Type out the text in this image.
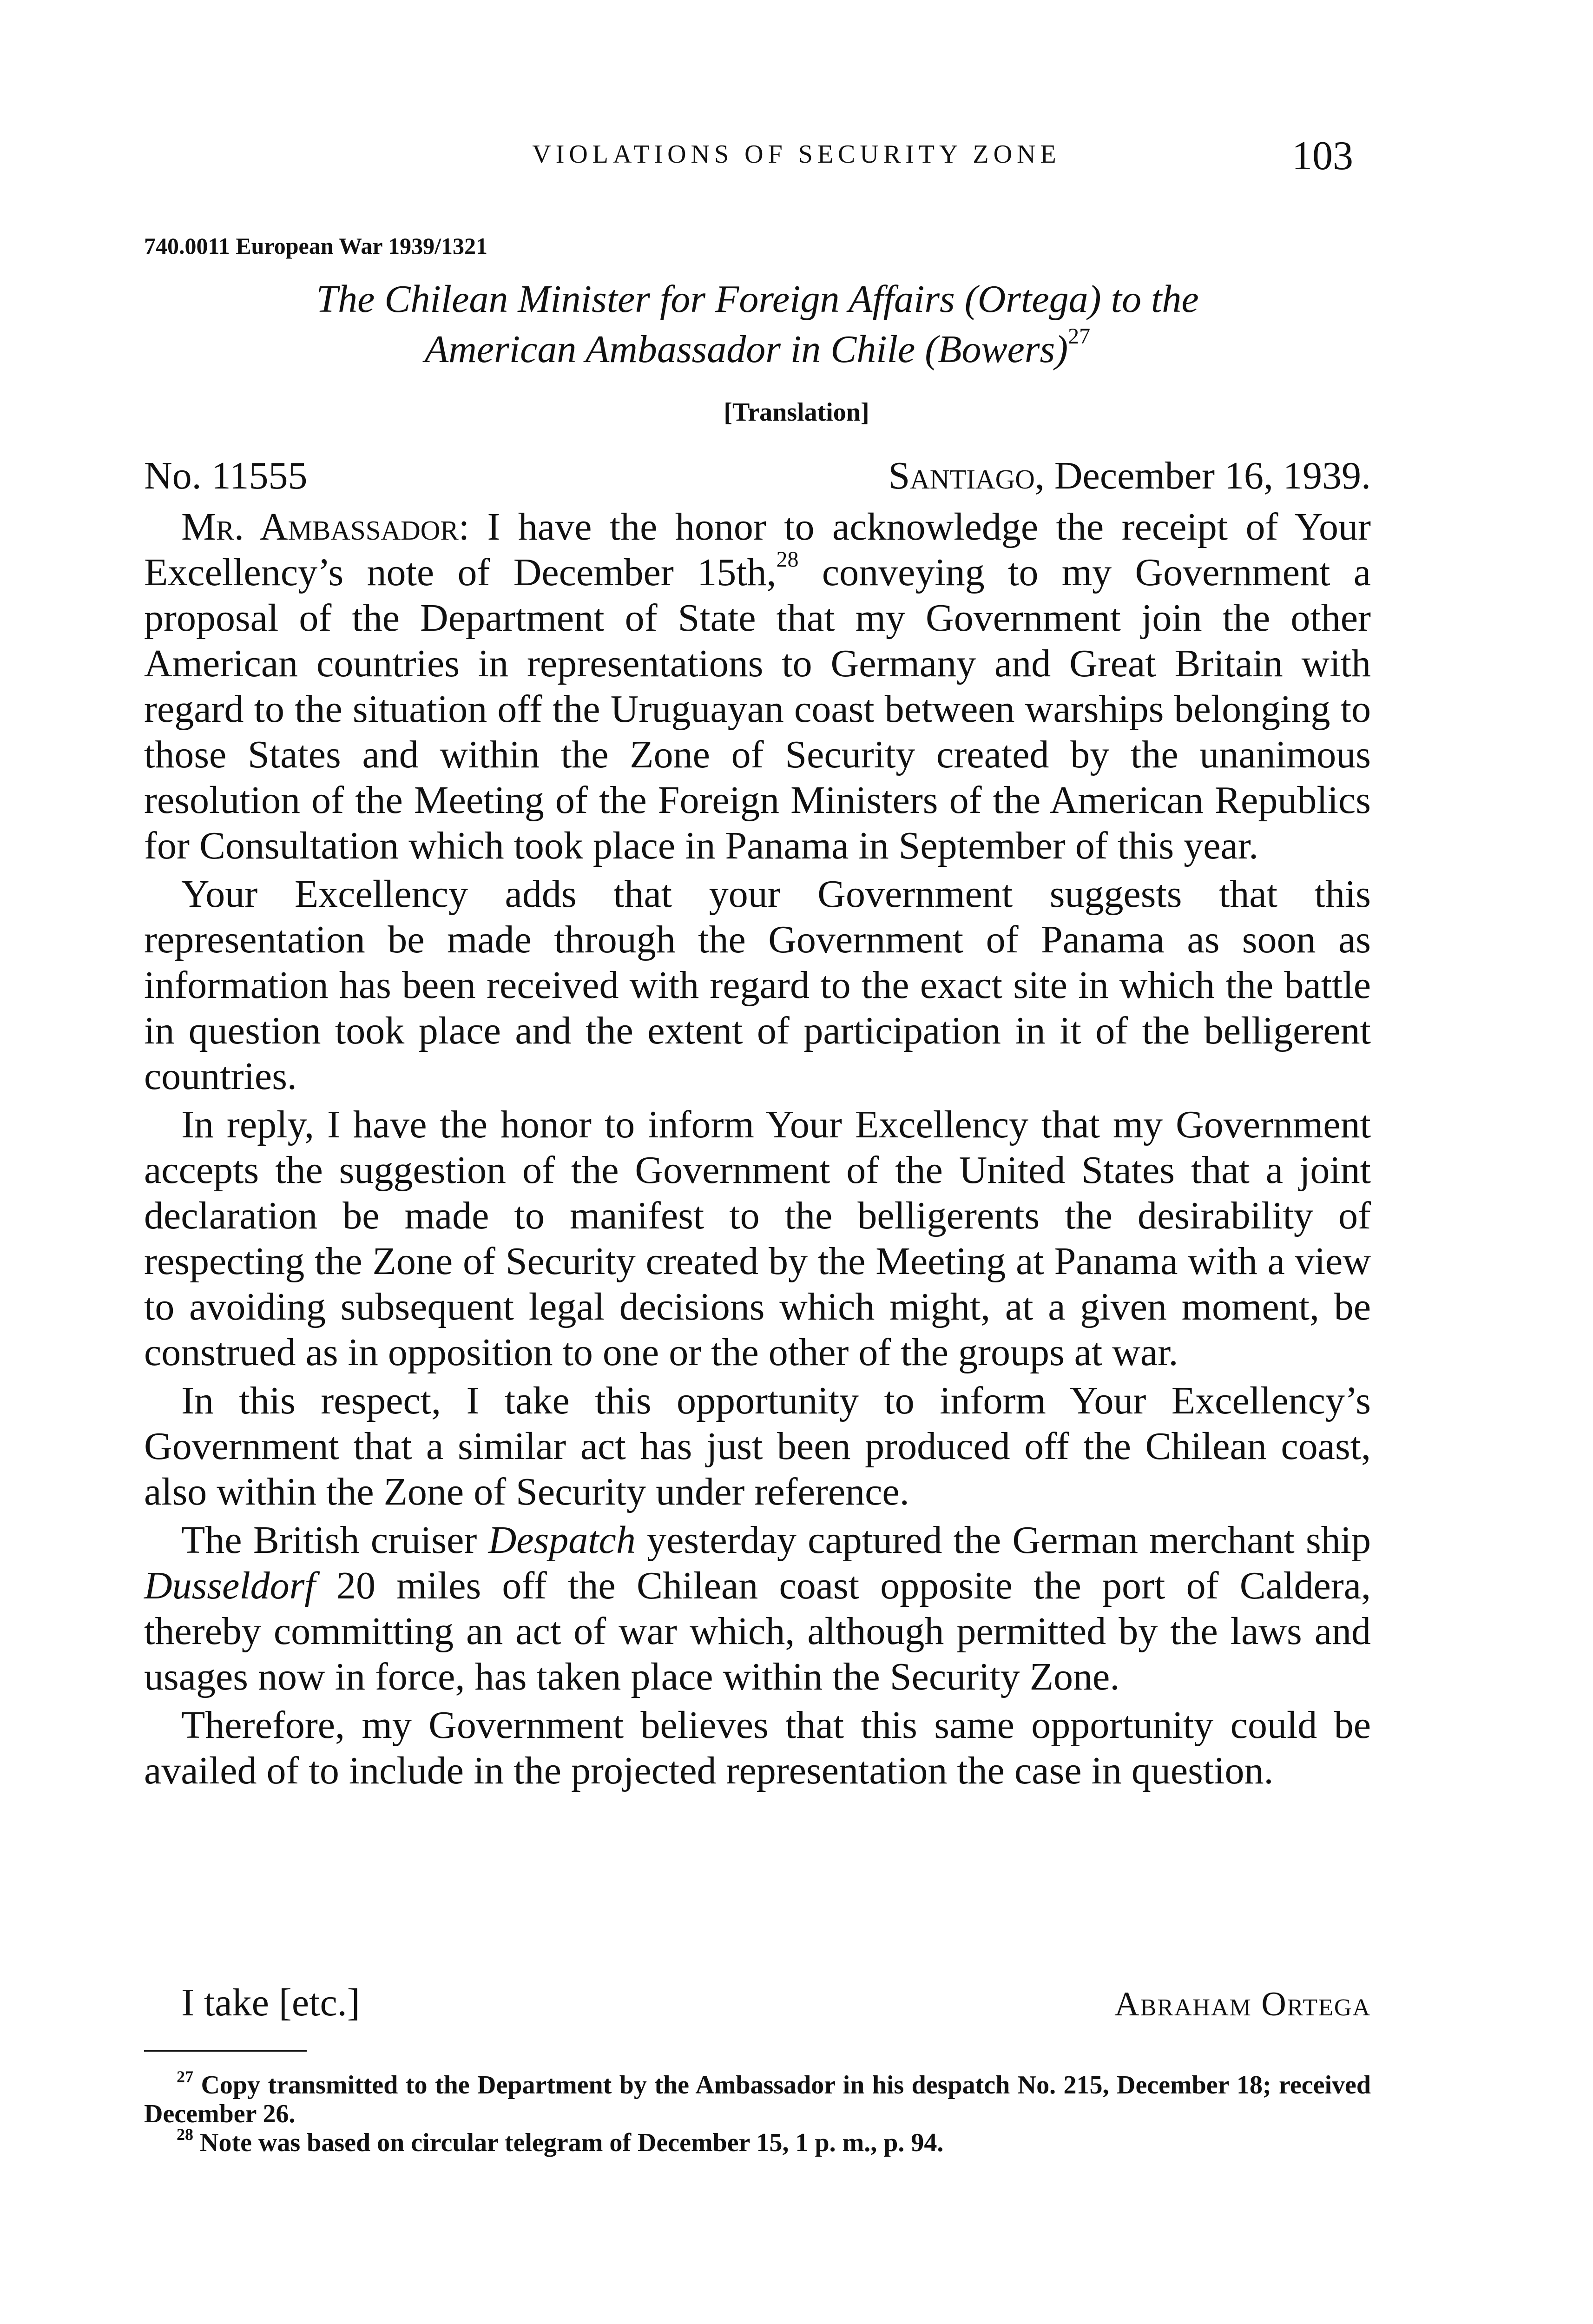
VIOLATIONS OF SECURITY ZONE	103
740.0011 European War 1939/1321
The Chilean Minister for Foreign Affairs (Ortega) to the
American Ambassador in Chile (Bowers)$^{27}$
[Translation]
No. 11555	Santiago, December 16, 1939.

Mr. Ambassador: I have the honor to acknowledge the receipt of Your Excellency’s note of December 15th,$^{28}$ conveying to my Government a proposal of the Department of State that my Government join the other American countries in representations to Germany and Great Britain with regard to the situation off the Uruguayan coast between warships belonging to those States and within the Zone of Security created by the unanimous resolution of the Meeting of the Foreign Ministers of the American Republics for Consultation which took place in Panama in September of this year.

Your Excellency adds that your Government suggests that this representation be made through the Government of Panama as soon as information has been received with regard to the exact site in which the battle in question took place and the extent of participation in it of the belligerent countries.

In reply, I have the honor to inform Your Excellency that my Government accepts the suggestion of the Government of the United States that a joint declaration be made to manifest to the belligerents the desirability of respecting the Zone of Security created by the Meeting at Panama with a view to avoiding subsequent legal decisions which might, at a given moment, be construed as in opposition to one or the other of the groups at war.

In this respect, I take this opportunity to inform Your Excellency’s Government that a similar act has just been produced off the Chilean coast, also within the Zone of Security under reference.

The British cruiser Despatch yesterday captured the German merchant ship Dusseldorf 20 miles off the Chilean coast opposite the port of Caldera, thereby committing an act of war which, although permitted by the laws and usages now in force, has taken place within the Security Zone.

Therefore, my Government believes that this same opportunity could be availed of to include in the projected representation the case in question.

I take [etc.]	Abraham Ortega

$^{27}$ Copy transmitted to the Department by the Ambassador in his despatch No. 215, December 18; received December 26.

$^{28}$ Note was based on circular telegram of December 15, 1 p. m., p. 94.
